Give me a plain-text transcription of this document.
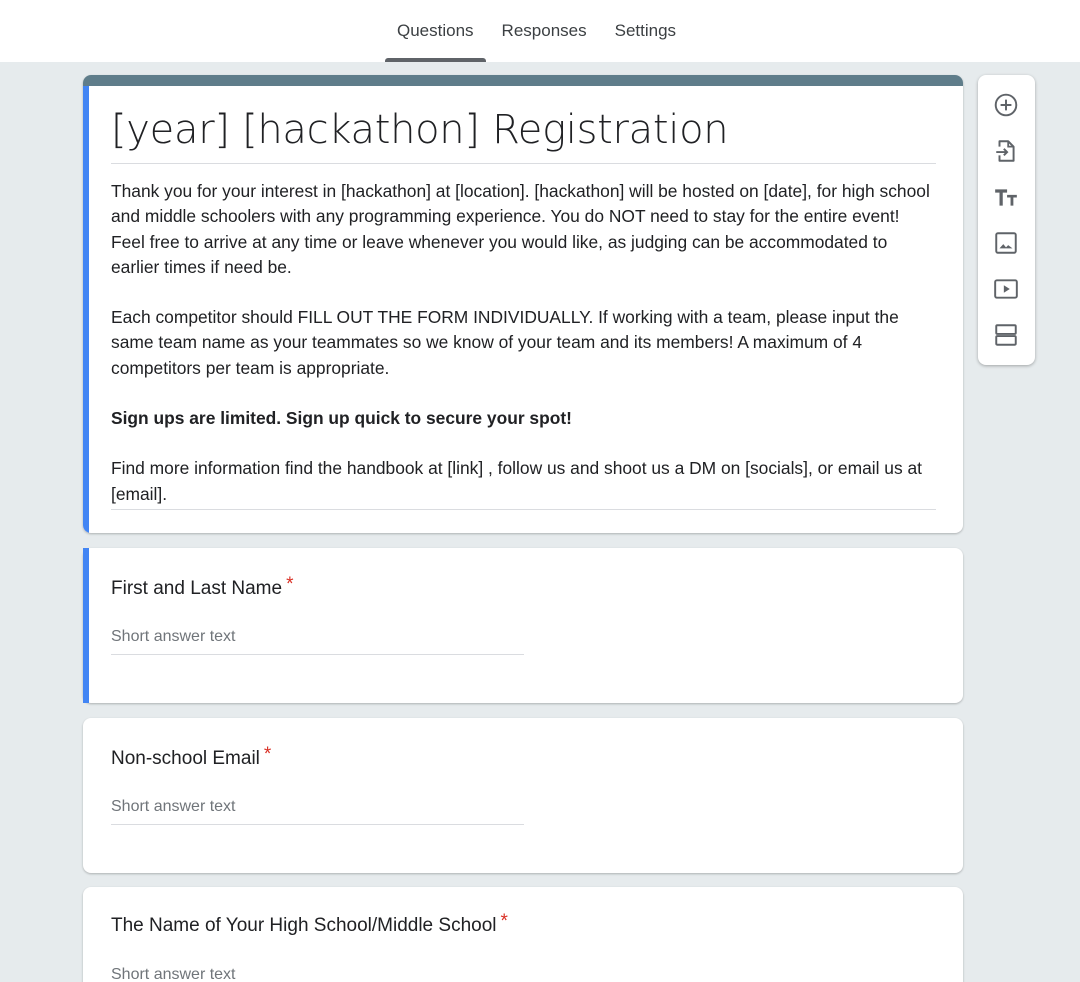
Questions	Responses	Settings
[year] [hackathon] Registration

Thank you for your interest in [hackathon] at [location]. [hackathon] will be hosted on [date], for high school and middle schoolers with any programming experience. You do NOT need to stay for the entire event! Feel free to arrive at any time or leave whenever you would like, as judging can be accommodated to earlier times if need be.

Each competitor should FILL OUT THE FORM INDIVIDUALLY. If working with a team, please input the same team name as your teammates so we know of your team and its members! A maximum of 4 competitors per team is appropriate.

Sign ups are limited. Sign up quick to secure your spot!

Find more information find the handbook at [link] , follow us and shoot us a DM on [socials], or email us at [email].

First and Last Name *
Short answer text
Non-school Email *
Short answer text
The Name of Your High School/Middle School *
Short answer text
